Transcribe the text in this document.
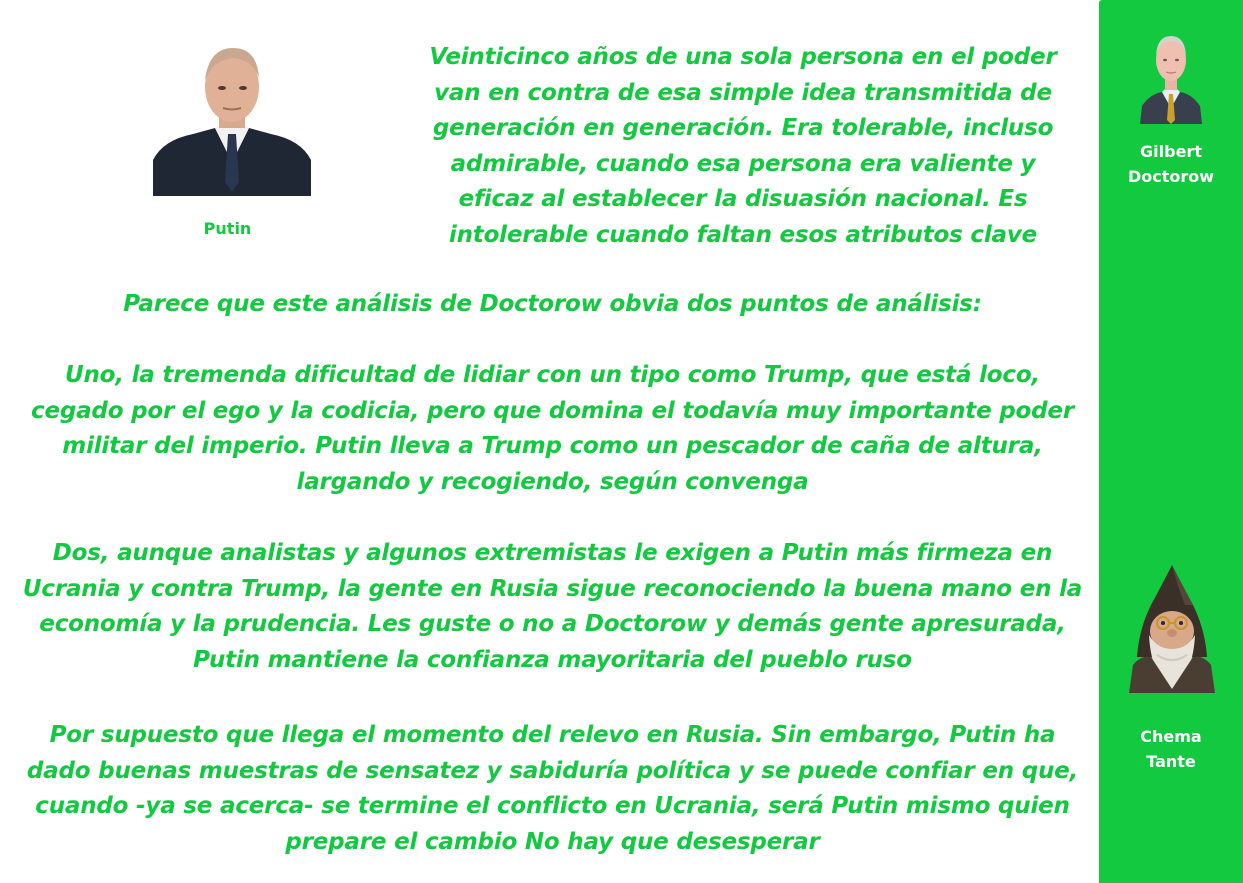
Putin
Veinticinco años de una sola persona en el poder van en contra de esa simple idea transmitida de generación en generación. Era tolerable, incluso admirable, cuando esa persona era valiente y eficaz al establecer la disuasión nacional. Es intolerable cuando faltan esos atributos clave
Parece que este análisis de Doctorow obvia dos puntos de análisis:
Uno, la tremenda dificultad de lidiar con un tipo como Trump, que está loco, cegado por el ego y la codicia, pero que domina el todavía muy importante poder militar del imperio. Putin lleva a Trump como un pescador de caña de altura, largando y recogiendo, según convenga
Dos, aunque analistas y algunos extremistas le exigen a Putin más firmeza en Ucrania y contra Trump, la gente en Rusia sigue reconociendo la buena mano en la economía y la prudencia. Les guste o no a Doctorow y demás gente apresurada, Putin mantiene la confianza mayoritaria del pueblo ruso
Por supuesto que llega el momento del relevo en Rusia. Sin embargo, Putin ha dado buenas muestras de sensatez y sabiduría política y se puede confiar en que, cuando -ya se acerca- se termine el conflicto en Ucrania, será Putin mismo quien prepare el cambio No hay que desesperar
Gilbert
Doctorow
Chema
Tante
